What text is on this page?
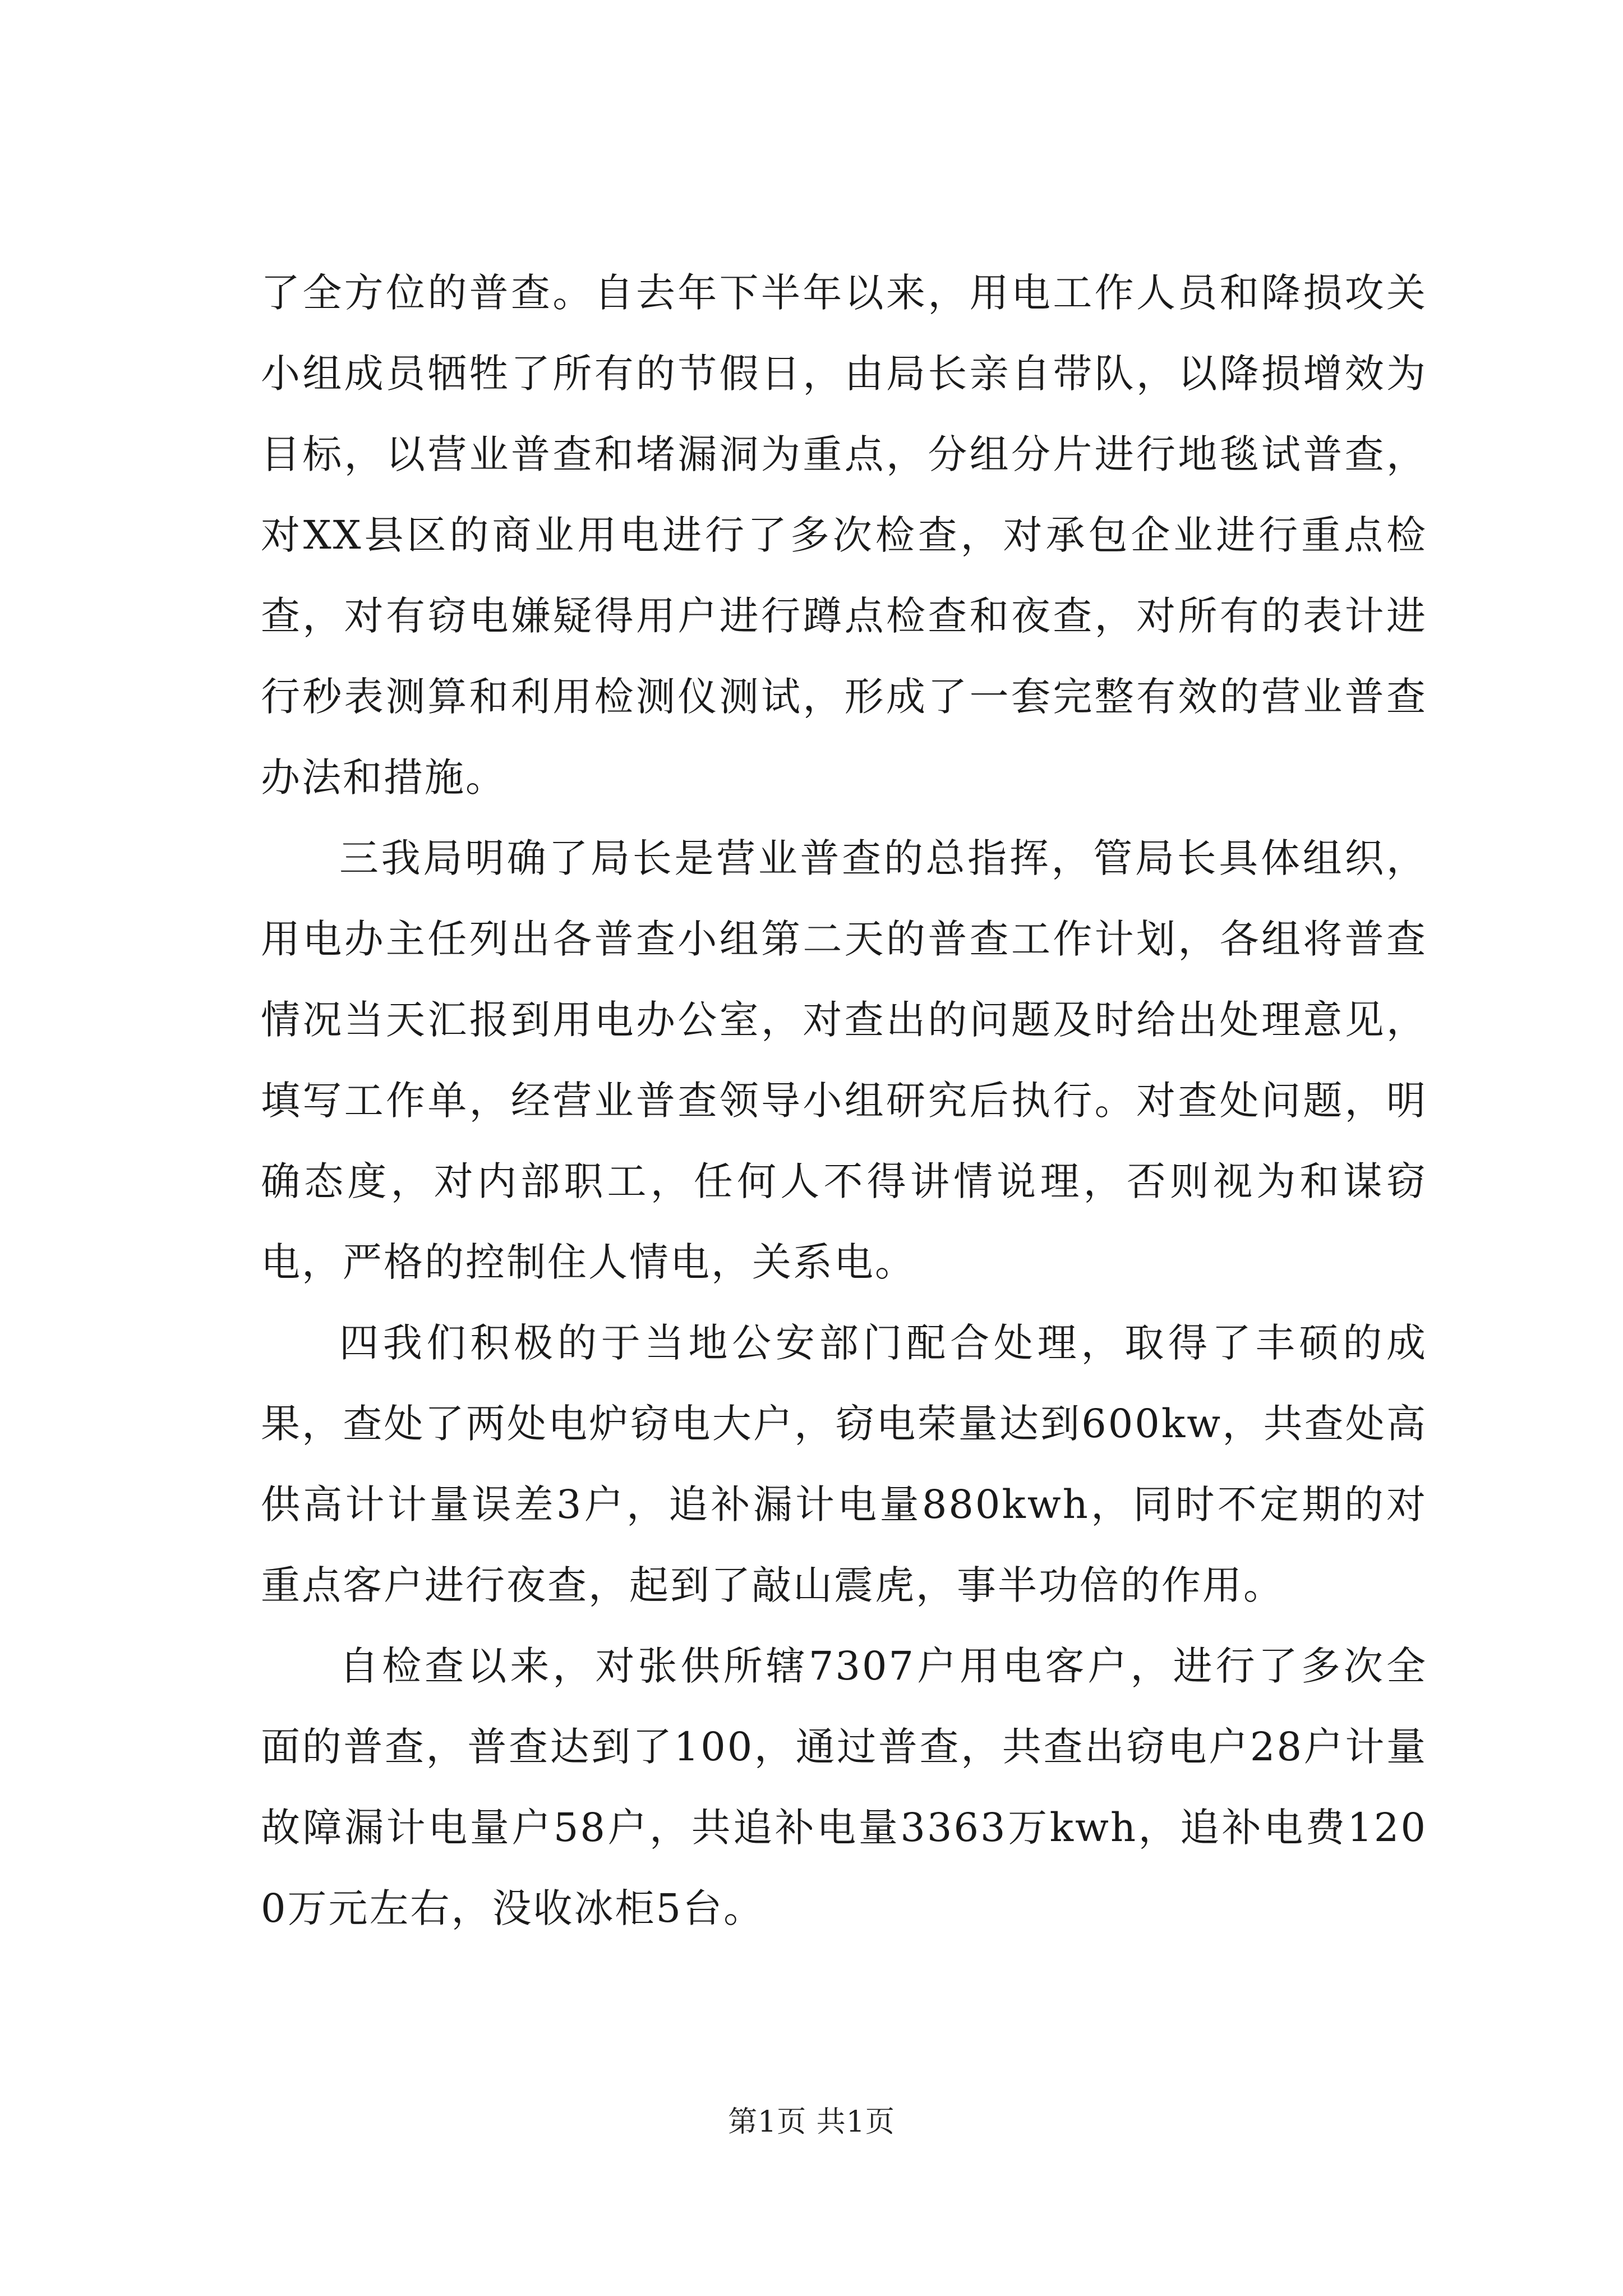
了全方位的普查。自去年下半年以来，用电工作人员和降损攻关小组成员牺牲了所有的节假日，由局长亲自带队，以降损增效为目标，以营业普查和堵漏洞为重点，分组分片进行地毯试普查，对XX县区的商业用电进行了多次检查，对承包企业进行重点检查，对有窃电嫌疑得用户进行蹲点检查和夜查，对所有的表计进行秒表测算和利用检测仪测试，形成了一套完整有效的营业普查办法和措施。

三我局明确了局长是营业普查的总指挥，管局长具体组织，用电办主任列出各普查小组第二天的普查工作计划，各组将普查情况当天汇报到用电办公室，对查出的问题及时给出处理意见，填写工作单，经营业普查领导小组研究后执行。对查处问题，明确态度，对内部职工，任何人不得讲情说理，否则视为和谋窃电，严格的控制住人情电，关系电。

四我们积极的于当地公安部门配合处理，取得了丰硕的成果，查处了两处电炉窃电大户，窃电荣量达到600kw，共查处高供高计计量误差3户，追补漏计电量880kwh，同时不定期的对重点客户进行夜查，起到了敲山震虎，事半功倍的作用。

自检查以来，对张供所辖7307户用电客户，进行了多次全面的普查，普查达到了100，通过普查，共查出窃电户28户计量故障漏计电量户58户，共追补电量3363万kwh，追补电费1200万元左右，没收冰柜5台。

第1页 共1页
